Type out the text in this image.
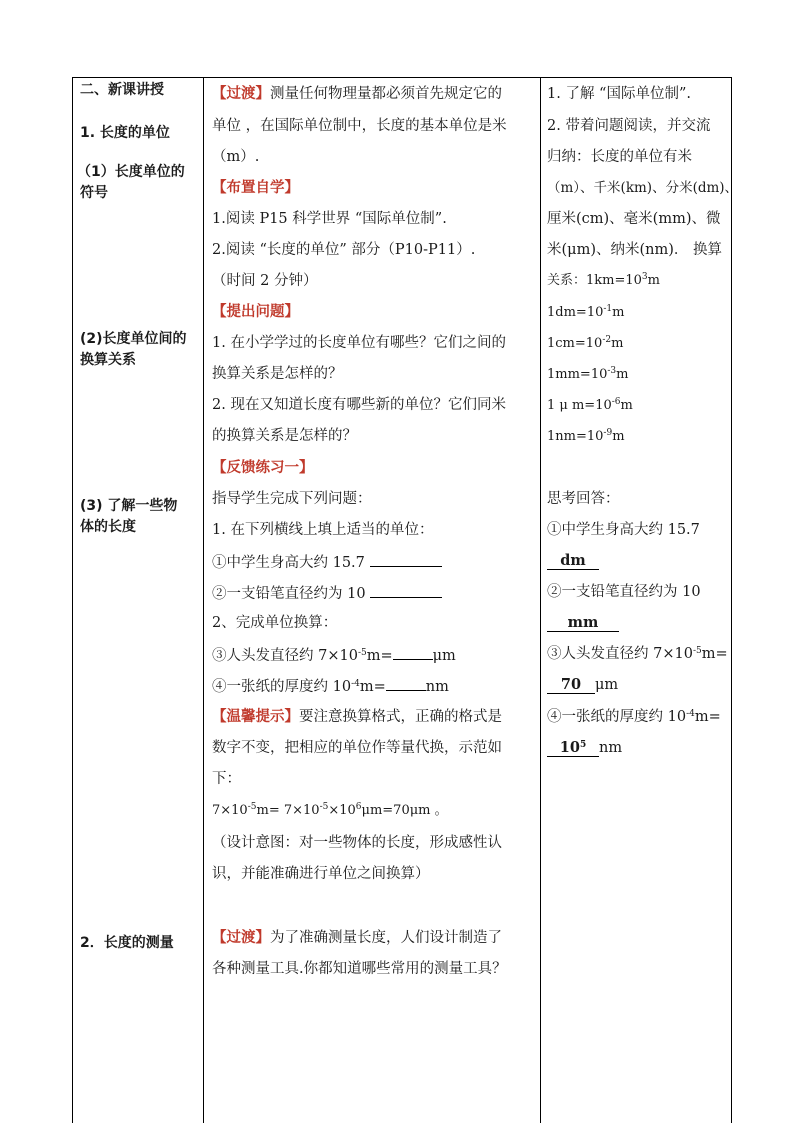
二、新课讲授
1. 长度的单位
（1）长度单位的
符号
(2)长度单位间的
换算关系
(3) 了解一些物
体的长度
2．长度的测量
【过渡】测量任何物理量都必须首先规定它的
单位 ，在国际单位制中，长度的基本单位是米
（m）.
【布置自学】
1.阅读 P15 科学世界 “国际单位制”.
2.阅读 “长度的单位” 部分（P10-P11）.
（时间 2 分钟）
【提出问题】
1. 在小学学过的长度单位有哪些？它们之间的
换算关系是怎样的？
2. 现在又知道长度有哪些新的单位？它们同米
的换算关系是怎样的？
【反馈练习一】
指导学生完成下列问题：
1. 在下列横线上填上适当的单位：
①中学生身高大约 15.7
②一支铅笔直径约为 10
2、完成单位换算：
③人头发直径约 $7\times 10^{-5}m=$	μm
④一张纸的厚度约 $10^{-4}m=$	nm
【温馨提示】要注意换算格式，正确的格式是
数字不变，把相应的单位作等量代换，示范如
下：
$7\times 10^{-5}m= 7\times 10^{-5}\times 10^6\mu m=70\mu m$ 。
（设计意图：对一些物体的长度，形成感性认
识，并能准确进行单位之间换算）
【过渡】为了准确测量长度，人们设计制造了
各种测量工具.你都知道哪些常用的测量工具？
1. 了解 “国际单位制”.
2. 带着问题阅读，并交流
归纳：长度的单位有米
（m）、千米(km)、分米(dm)、
厘米(cm)、毫米(mm)、微
米(μm)、纳米(nm)． 换算
关系：$1km=10^3m$
$1dm=10^{-1}m$
$1cm=10^{-2}m$
$1mm=10^{-3}m$
1 μ $m=10^{-6}m$
$1nm=10^{-9}m$
思考回答：
①中学生身高大约 15.7
dm
②一支铅笔直径约为 10
mm
③人头发直径约 $7\times 10^{-5}m=$
70 μm
④一张纸的厚度约 $10^{-4}m=$
$10^5$ nm
